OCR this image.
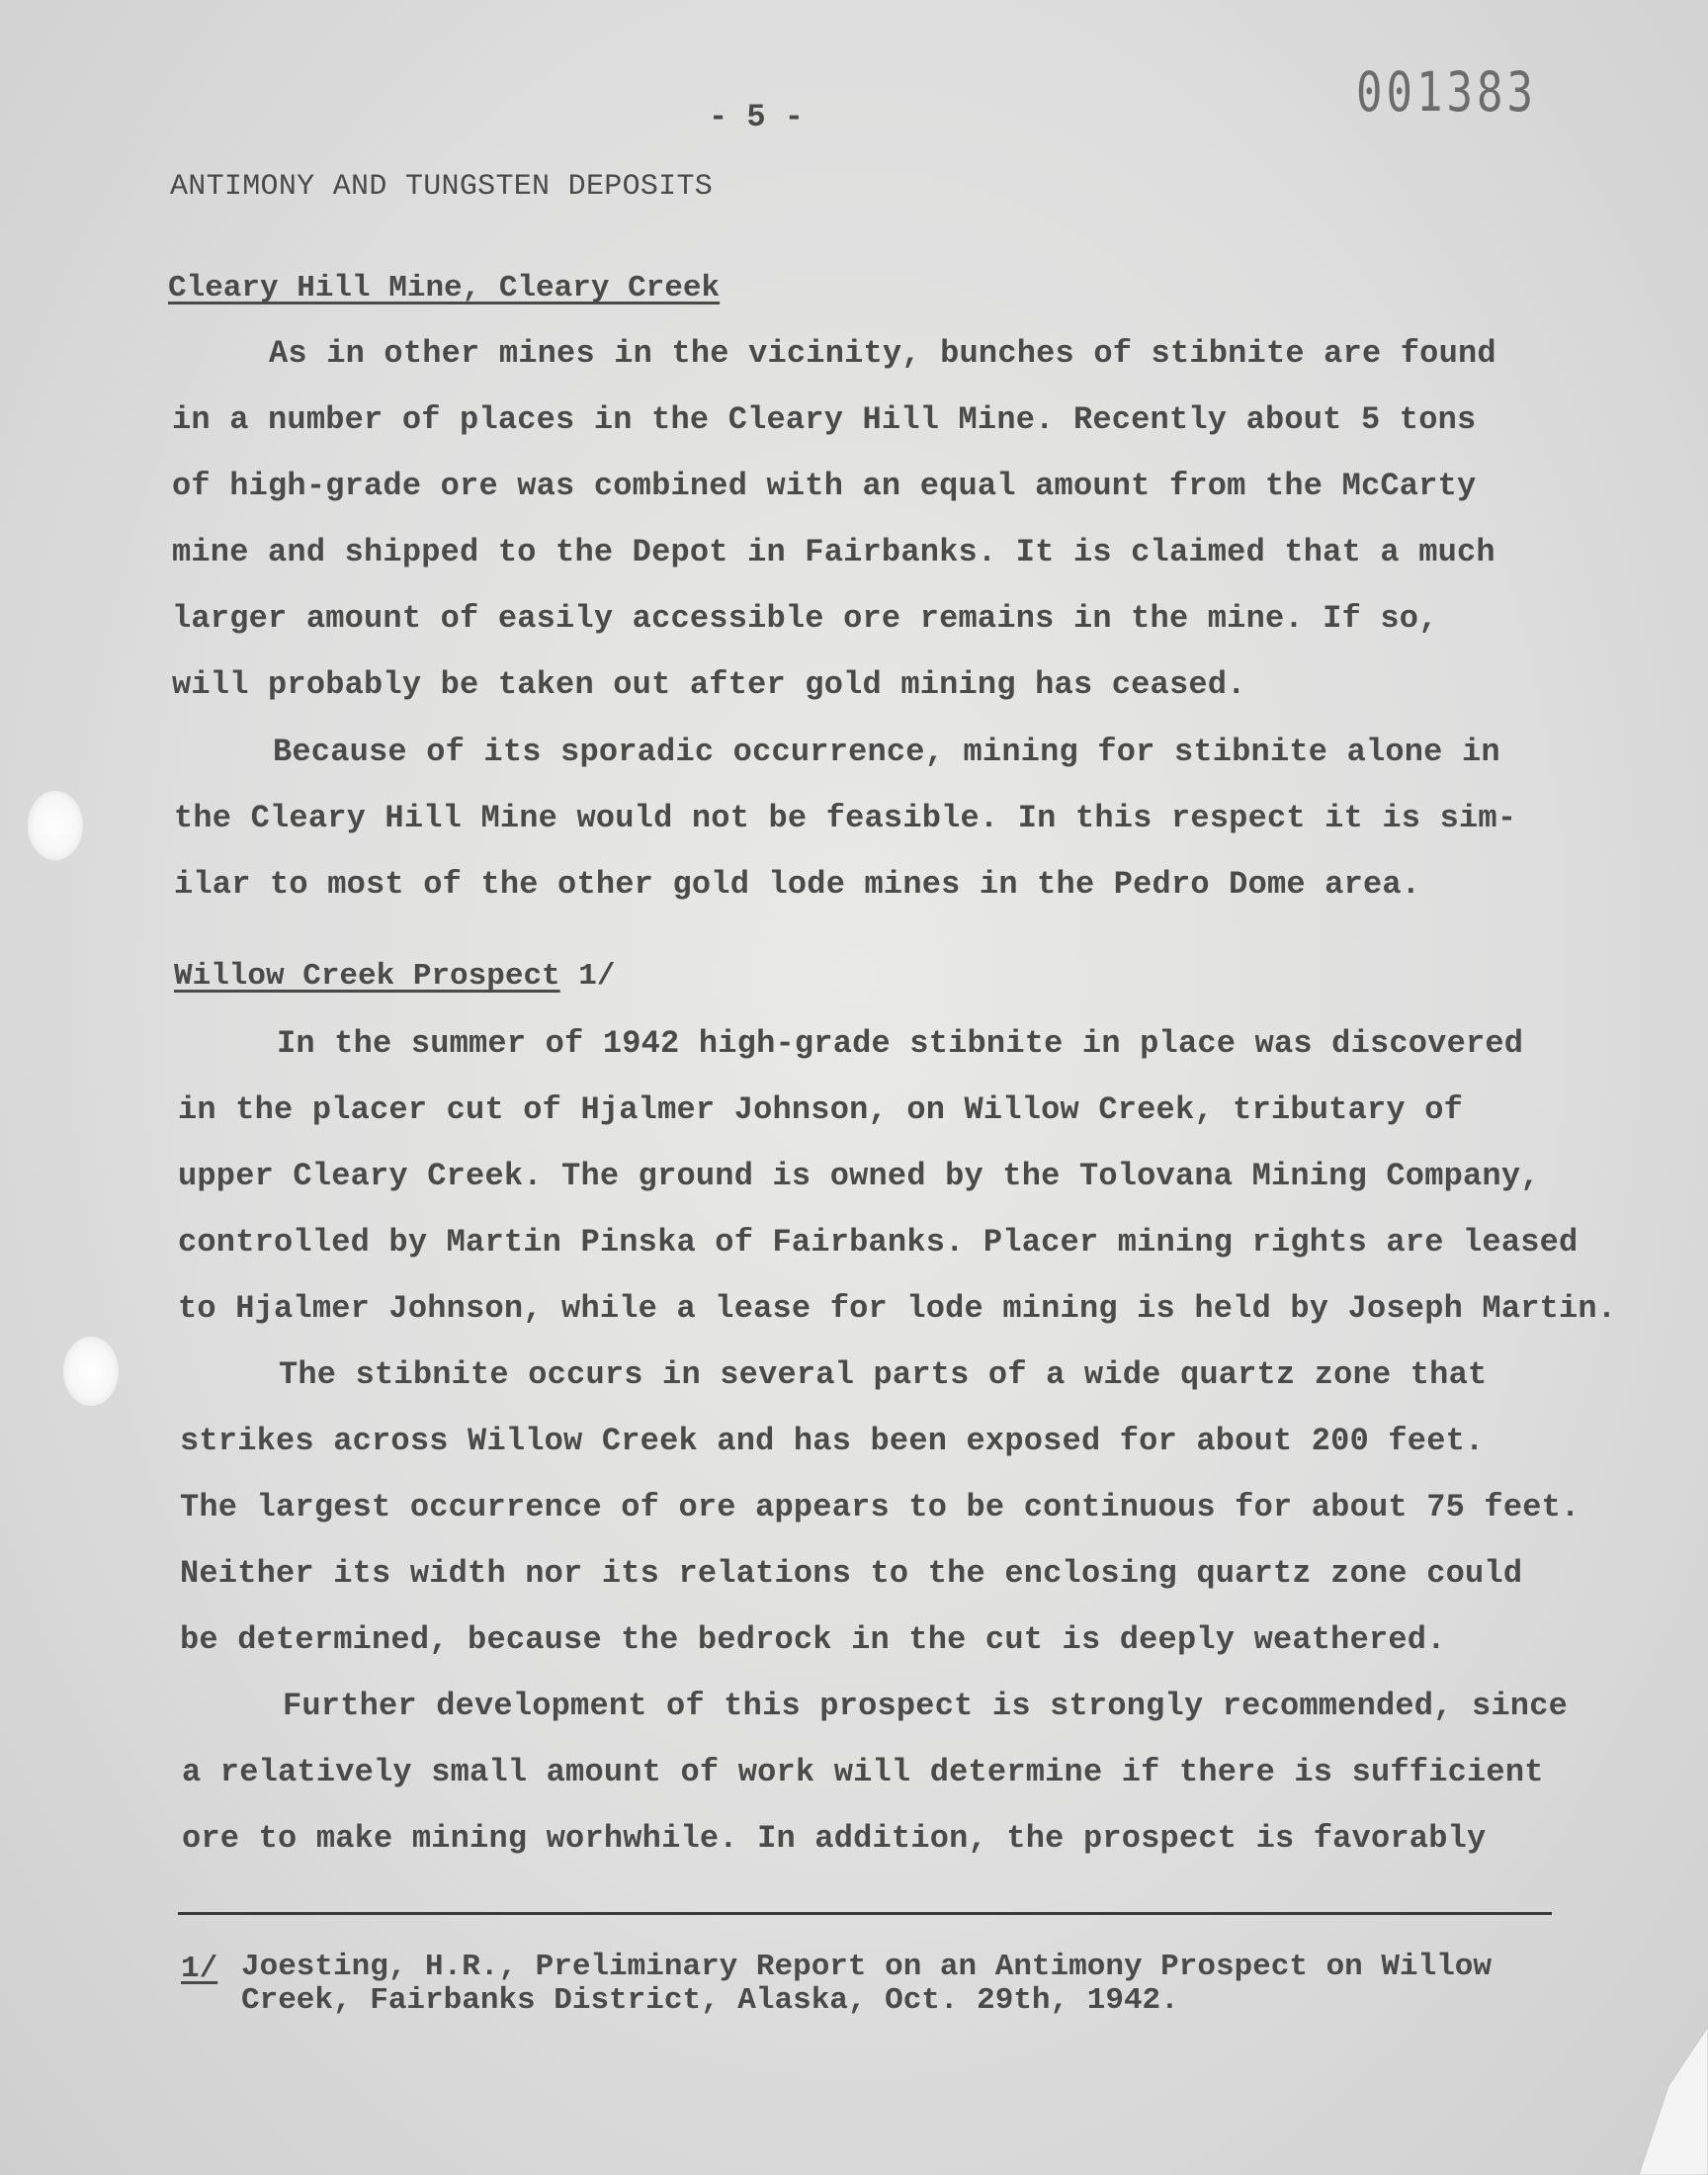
001383
- 5 -
ANTIMONY AND TUNGSTEN DEPOSITS
Cleary Hill Mine, Cleary Creek
As in other mines in the vicinity, bunches of stibnite are found
in a number of places in the Cleary Hill Mine. Recently about 5 tons
of high-grade ore was combined with an equal amount from the McCarty
mine and shipped to the Depot in Fairbanks. It is claimed that a much
larger amount of easily accessible ore remains in the mine. If so,
will probably be taken out after gold mining has ceased.
Because of its sporadic occurrence, mining for stibnite alone in
the Cleary Hill Mine would not be feasible. In this respect it is sim-
ilar to most of the other gold lode mines in the Pedro Dome area.
Willow Creek Prospect 1/
In the summer of 1942 high-grade stibnite in place was discovered
in the placer cut of Hjalmer Johnson, on Willow Creek, tributary of
upper Cleary Creek. The ground is owned by the Tolovana Mining Company,
controlled by Martin Pinska of Fairbanks. Placer mining rights are leased
to Hjalmer Johnson, while a lease for lode mining is held by Joseph Martin.
The stibnite occurs in several parts of a wide quartz zone that
strikes across Willow Creek and has been exposed for about 200 feet.
The largest occurrence of ore appears to be continuous for about 75 feet.
Neither its width nor its relations to the enclosing quartz zone could
be determined, because the bedrock in the cut is deeply weathered.
Further development of this prospect is strongly recommended, since
a relatively small amount of work will determine if there is sufficient
ore to make mining worhwhile. In addition, the prospect is favorably
1/ Joesting, H.R., Preliminary Report on an Antimony Prospect on Willow
Creek, Fairbanks District, Alaska, Oct. 29th, 1942.
